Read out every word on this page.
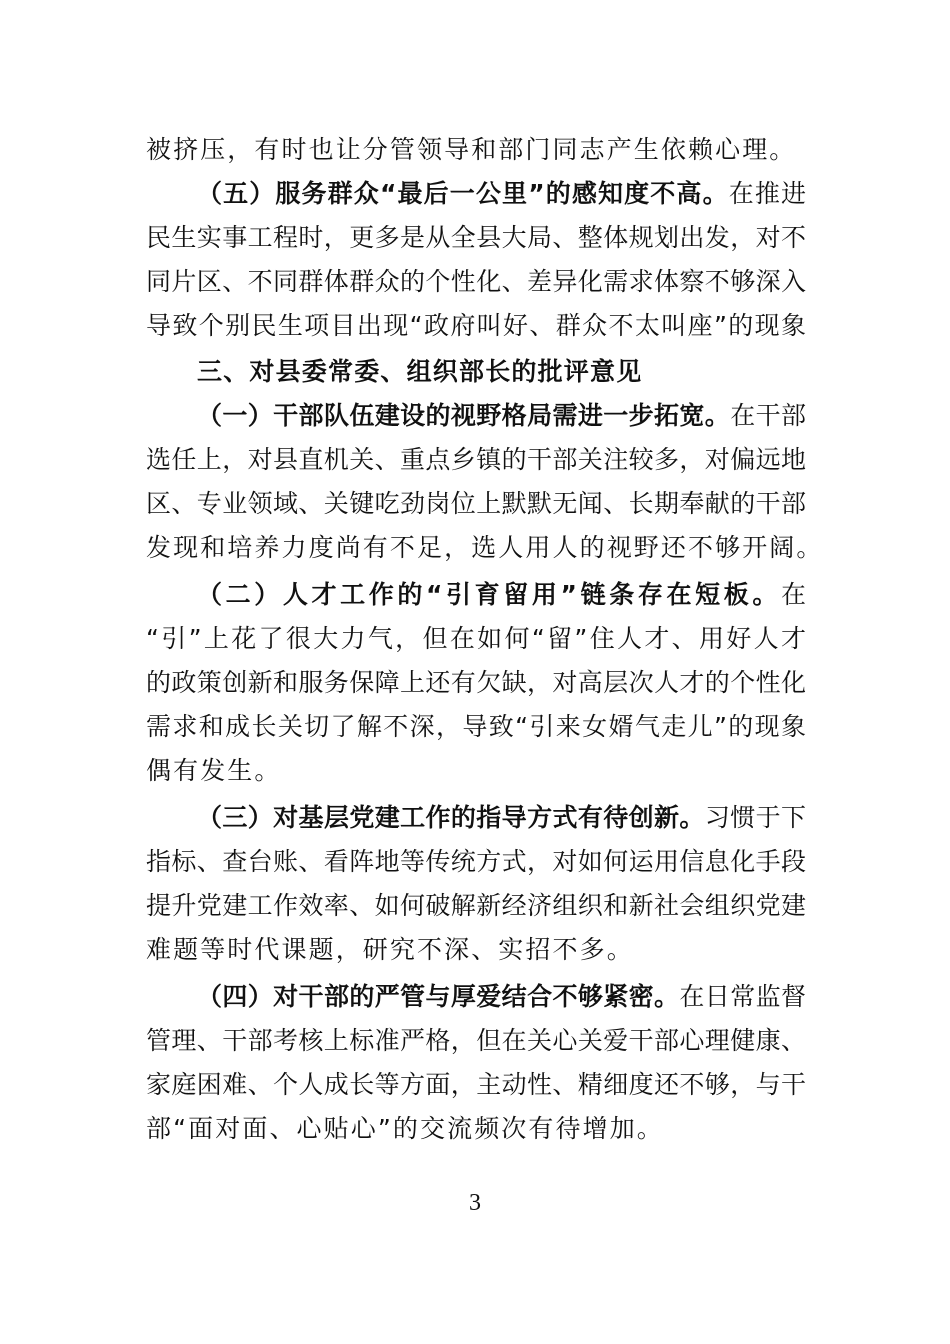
被挤压，有时也让分管领导和部门同志产生依赖心理。
（五）服务群众“最后一公里”的感知度不高。在推进
民生实事工程时，更多是从全县大局、整体规划出发，对不
同片区、不同群体群众的个性化、差异化需求体察不够深入
导致个别民生项目出现“政府叫好、群众不太叫座”的现象
三、对县委常委、组织部长的批评意见
（一）干部队伍建设的视野格局需进一步拓宽。在干部
选任上，对县直机关、重点乡镇的干部关注较多，对偏远地
区、专业领域、关键吃劲岗位上默默无闻、长期奉献的干部
发现和培养力度尚有不足，选人用人的视野还不够开阔。
（二）人才工作的“引育留用”链条存在短板。在
“引”上花了很大力气，但在如何“留”住人才、用好人才
的政策创新和服务保障上还有欠缺，对高层次人才的个性化
需求和成长关切了解不深，导致“引来女婿气走儿”的现象
偶有发生。
（三）对基层党建工作的指导方式有待创新。习惯于下
指标、查台账、看阵地等传统方式，对如何运用信息化手段
提升党建工作效率、如何破解新经济组织和新社会组织党建
难题等时代课题，研究不深、实招不多。
（四）对干部的严管与厚爱结合不够紧密。在日常监督
管理、干部考核上标准严格，但在关心关爱干部心理健康、
家庭困难、个人成长等方面，主动性、精细度还不够，与干
部“面对面、心贴心”的交流频次有待增加。
3
